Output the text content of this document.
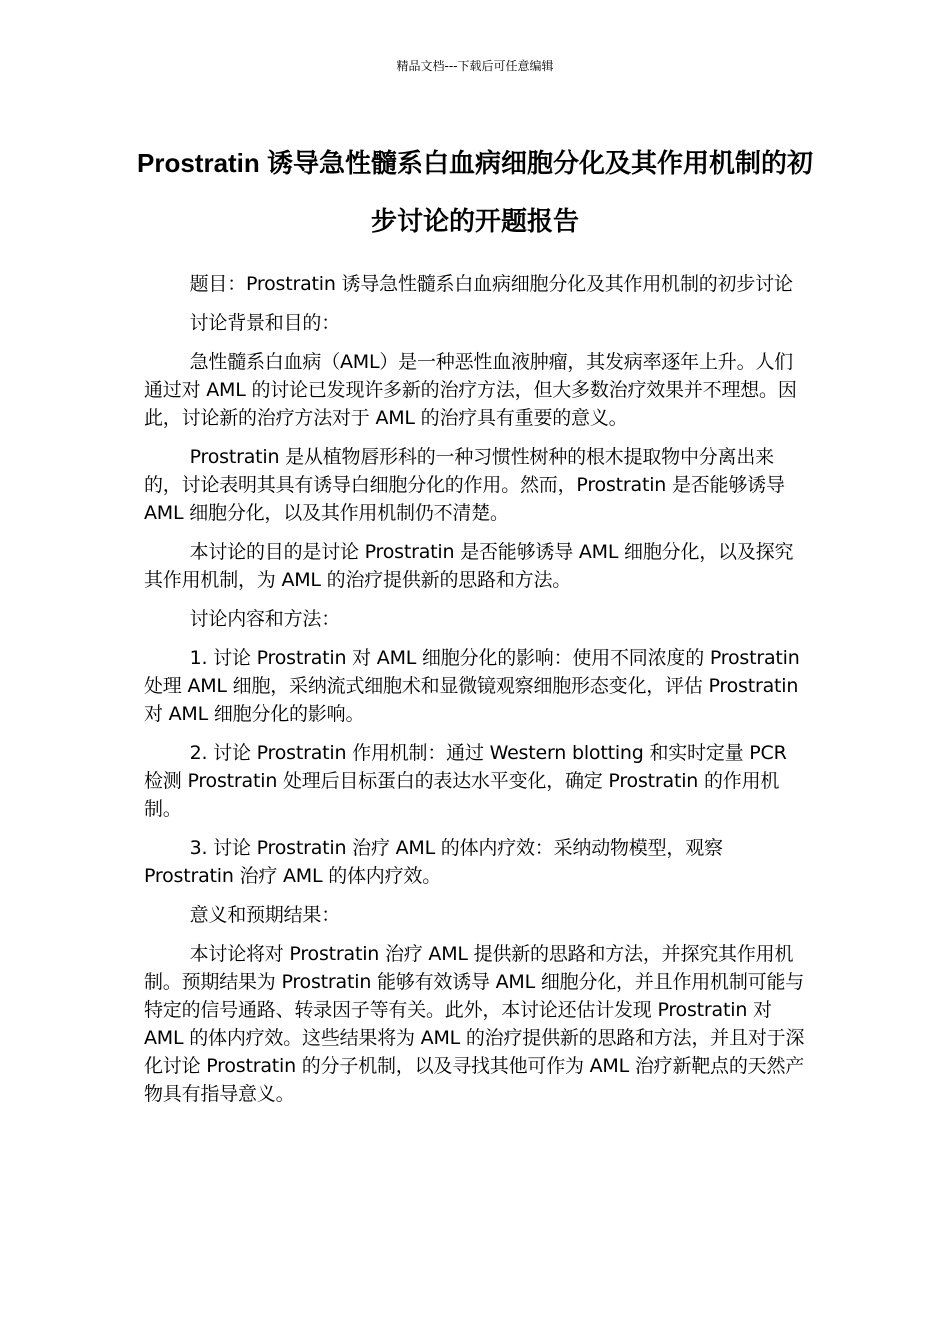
精品文档---下载后可任意编辑
Prostratin 诱导急性髓系白血病细胞分化及其作用机制的初步讨论的开题报告

题目：Prostratin 诱导急性髓系白血病细胞分化及其作用机制的初步讨论

讨论背景和目的：

急性髓系白血病（AML）是一种恶性血液肿瘤，其发病率逐年上升。人们通过对 AML 的讨论已发现许多新的治疗方法，但大多数治疗效果并不理想。因此，讨论新的治疗方法对于 AML 的治疗具有重要的意义。

Prostratin 是从植物唇形科的一种习惯性树种的根木提取物中分离出来的，讨论表明其具有诱导白细胞分化的作用。然而，Prostratin 是否能够诱导 AML 细胞分化，以及其作用机制仍不清楚。

本讨论的目的是讨论 Prostratin 是否能够诱导 AML 细胞分化，以及探究其作用机制，为 AML 的治疗提供新的思路和方法。

讨论内容和方法：

1. 讨论 Prostratin 对 AML 细胞分化的影响：使用不同浓度的 Prostratin 处理 AML 细胞，采纳流式细胞术和显微镜观察细胞形态变化，评估 Prostratin 对 AML 细胞分化的影响。

2. 讨论 Prostratin 作用机制：通过 Western blotting 和实时定量 PCR 检测 Prostratin 处理后目标蛋白的表达水平变化，确定 Prostratin 的作用机制。

3. 讨论 Prostratin 治疗 AML 的体内疗效：采纳动物模型，观察 Prostratin 治疗 AML 的体内疗效。

意义和预期结果：

本讨论将对 Prostratin 治疗 AML 提供新的思路和方法，并探究其作用机制。预期结果为 Prostratin 能够有效诱导 AML 细胞分化，并且作用机制可能与特定的信号通路、转录因子等有关。此外，本讨论还估计发现 Prostratin 对 AML 的体内疗效。这些结果将为 AML 的治疗提供新的思路和方法，并且对于深化讨论 Prostratin 的分子机制，以及寻找其他可作为 AML 治疗新靶点的天然产物具有指导意义。
